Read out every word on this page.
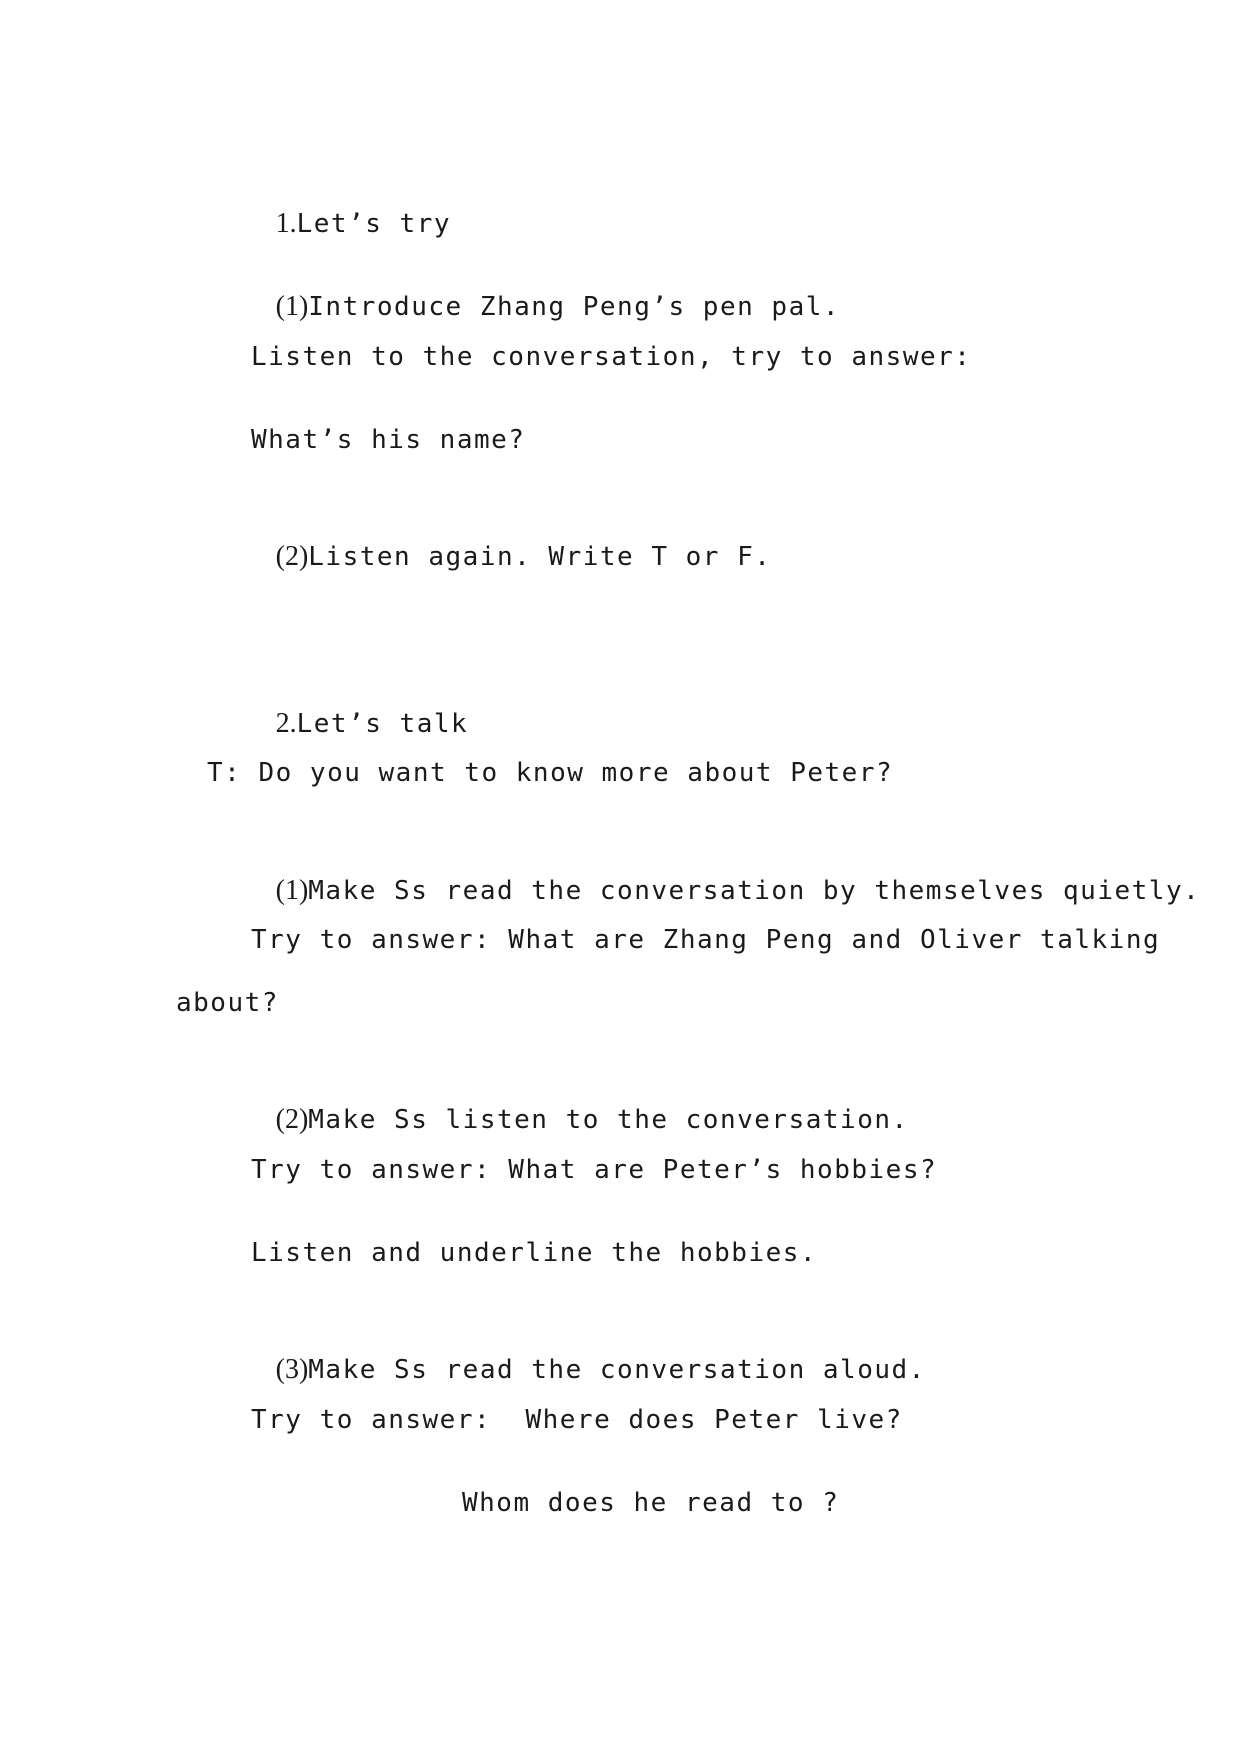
1.Let’s try

(1)Introduce Zhang Peng’s pen pal.

Listen to the conversation, try to answer:
What’s his name?

(2)Listen again. Write T or F.

2.Let’s talk

T: Do you want to know more about Peter?

(1)Make Ss read the conversation by themselves quietly.

Try to answer: What are Zhang Peng and Oliver talking
about?

(2)Make Ss listen to the conversation.

Try to answer: What are Peter’s hobbies?
Listen and underline the hobbies.

(3)Make Ss read the conversation aloud.

Try to answer:  Where does Peter live?
Whom does he read to ?
